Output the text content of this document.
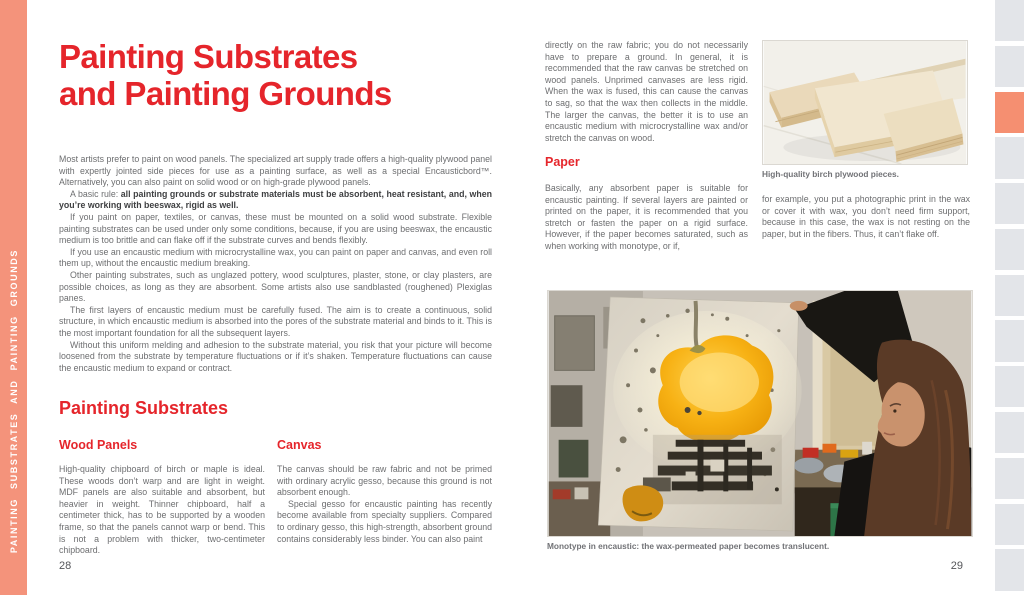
PAINTING SUBSTRATES AND PAINTING GROUNDS
Painting Substrates
and Painting Grounds

Most artists prefer to paint on wood panels. The specialized art supply trade offers a high-quality plywood panel with expertly jointed side pieces for use as a painting surface, as well as a special Encausticbord™. Alternatively, you can also paint on solid wood or on high-grade plywood panels.

A basic rule: all painting grounds or substrate materials must be absorbent, heat resistant, and, when you’re working with beeswax, rigid as well.

If you paint on paper, textiles, or canvas, these must be mounted on a solid wood substrate. Flexible painting substrates can be used under only some conditions, because, if you are using beeswax, the encaustic medium is too brittle and can flake off if the substrate curves and bends flexibly.

If you use an encaustic medium with microcrystalline wax, you can paint on paper and canvas, and even roll them up, without the encaustic medium breaking.

Other painting substrates, such as unglazed pottery, wood sculptures, plaster, stone, or clay plasters, are possible choices, as long as they are absorbent. Some artists also use sandblasted (roughened) Plexiglas panes.

The first layers of encaustic medium must be carefully fused. The aim is to create a continuous, solid structure, in which encaustic medium is absorbed into the pores of the substrate material and binds to it. This is the most important foundation for all the subsequent layers.

Without this uniform melding and adhesion to the substrate material, you risk that your picture will become loosened from the substrate by temperature fluctuations or if it’s shaken. Temperature fluctuations can cause the encaustic medium to expand or contract.

Painting Substrates
Wood Panels

High-quality chipboard of birch or maple is ideal. These woods don’t warp and are light in weight. MDF panels are also suitable and absorbent, but heavier in weight. Thinner chipboard, half a centimeter thick, has to be supported by a wooden frame, so that the panels cannot warp or bend. This is not a problem with thicker, two-centimeter chipboard.

Canvas

The canvas should be raw fabric and not be primed with ordinary acrylic gesso, because this ground is not absorbent enough.

Special gesso for encaustic painting has recently become available from specialty suppliers. Compared to ordinary gesso, this high-strength, absorbent ground contains considerably less binder. You can also paint

28

directly on the raw fabric; you do not necessarily have to prepare a ground. In general, it is recommended that the raw canvas be stretched on wood panels. Unprimed canvases are less rigid. When the wax is fused, this can cause the canvas to sag, so that the wax then collects in the middle. The larger the canvas, the better it is to use an encaustic medium with microcrystalline wax and/or stretch the canvas on wood.

Paper

Basically, any absorbent paper is suitable for encaustic painting. If several layers are painted or printed on the paper, it is recommended that you stretch or fasten the paper on a rigid surface. However, if the paper becomes saturated, such as when working with monotype, or if,

High-quality birch plywood pieces.

for example, you put a photographic print in the wax or cover it with wax, you don’t need firm support, because in this case, the wax is not resting on the paper, but in the fibers. Thus, it can’t flake off.

Monotype in encaustic: the wax-permeated paper becomes translucent.
29
